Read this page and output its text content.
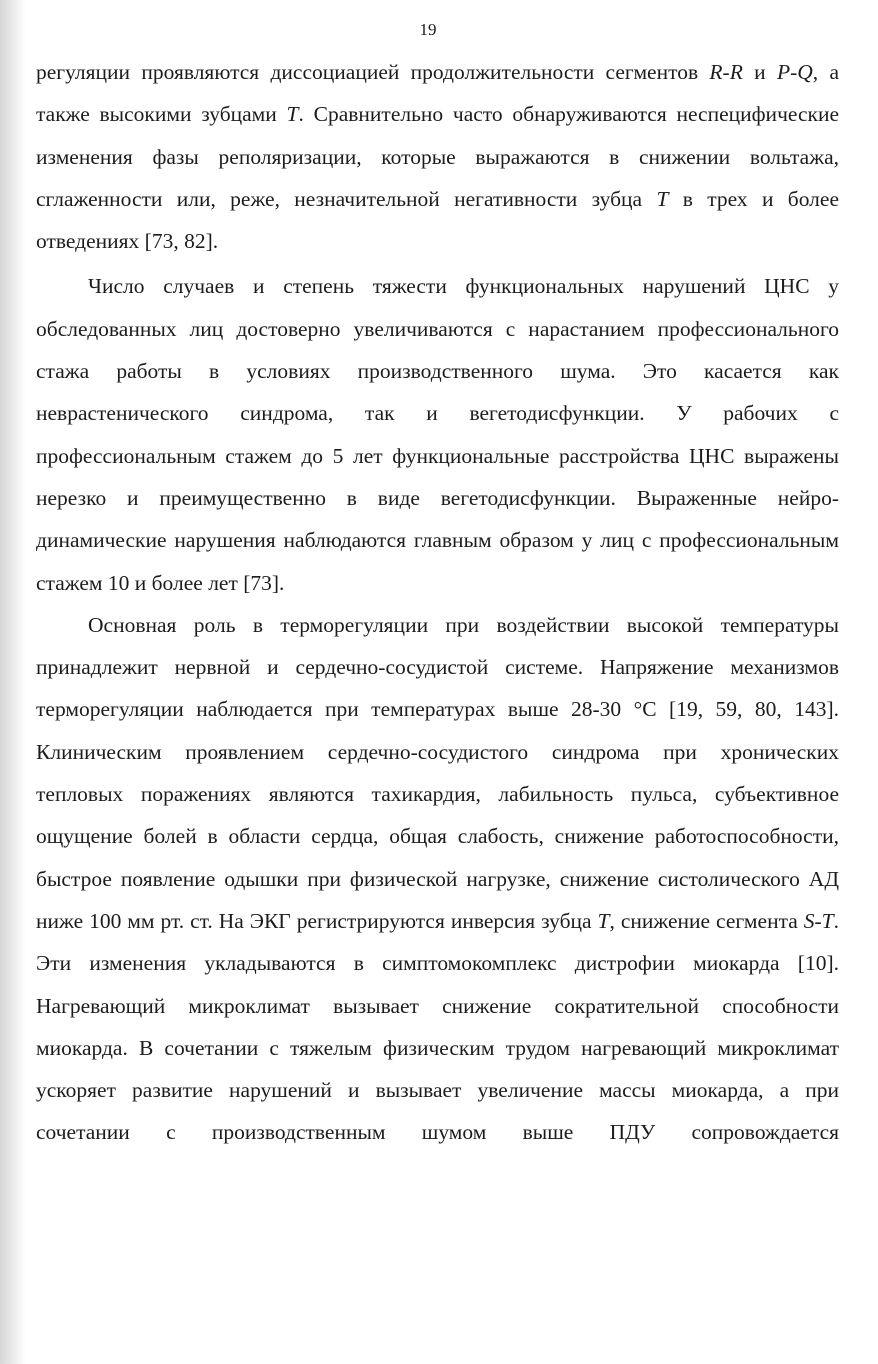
19

регуляции проявляются диссоциацией продолжительности сегментов R-R и P-Q, а также высокими зубцами T. Сравнительно часто обнаруживаются неспецифические изменения фазы реполяризации, которые выражаются в снижении вольтажа, сглаженности или, реже, незначительной негативности зубца T в трех и более отведениях [73, 82].

Число случаев и степень тяжести функциональных нарушений ЦНС у обследованных лиц достоверно увеличиваются с нарастанием профессионального стажа работы в условиях производственного шума. Это касается как неврастенического синдрома, так и вегетодисфункции. У рабочих с профессиональным стажем до 5 лет функциональные расстройства ЦНС выражены нерезко и преимущественно в виде вегетодисфункции. Выраженные нейро-динамические нарушения наблюдаются главным образом у лиц с профессиональным стажем 10 и более лет [73].

Основная роль в терморегуляции при воздействии высокой температуры принадлежит нервной и сердечно-сосудистой системе. Напряжение механизмов терморегуляции наблюдается при температурах выше 28-30 °С [19, 59, 80, 143]. Клиническим проявлением сердечно-сосудистого синдрома при хронических тепловых поражениях являются тахикардия, лабильность пульса, субъективное ощущение болей в области сердца, общая слабость, снижение работоспособности, быстрое появление одышки при физической нагрузке, снижение систолического АД ниже 100 мм рт. ст. На ЭКГ регистрируются инверсия зубца T, снижение сегмента S-T. Эти изменения укладываются в симптомокомплекс дистрофии миокарда [10]. Нагревающий микроклимат вызывает снижение сократительной способности миокарда. В сочетании с тяжелым физическим трудом нагревающий микроклимат ускоряет развитие нарушений и вызывает увеличение массы миокарда, а при сочетании с производственным шумом выше ПДУ сопровождается
